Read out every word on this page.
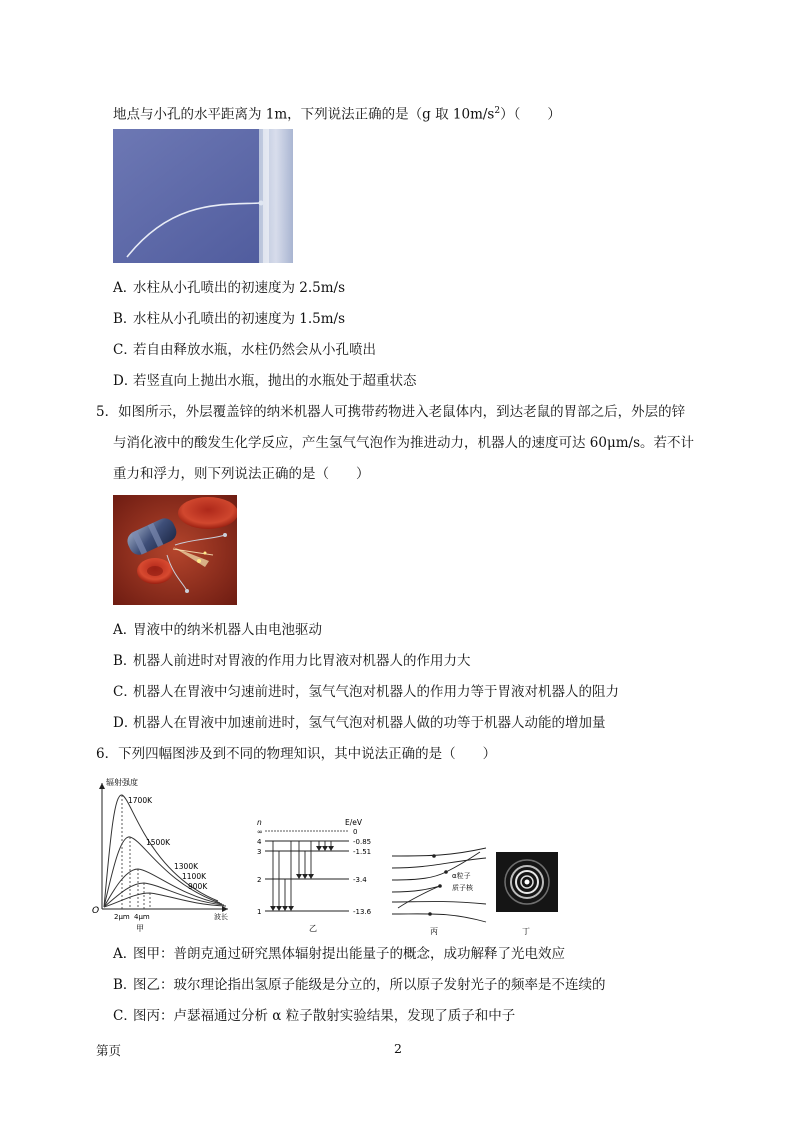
地点与小孔的水平距离为 1m，下列说法正确的是（g 取 $10m/s^2$）（　　）
A．水柱从小孔喷出的初速度为 2.5m/s
B．水柱从小孔喷出的初速度为 1.5m/s
C．若自由释放水瓶，水柱仍然会从小孔喷出
D．若竖直向上抛出水瓶，抛出的水瓶处于超重状态
5．如图所示，外层覆盖锌的纳米机器人可携带药物进入老鼠体内，到达老鼠的胃部之后，外层的锌
与消化液中的酸发生化学反应，产生氢气气泡作为推进动力，机器人的速度可达 60μm/s。若不计
重力和浮力，则下列说法正确的是（　　）
A．胃液中的纳米机器人由电池驱动
B．机器人前进时对胃液的作用力比胃液对机器人的作用力大
C．机器人在胃液中匀速前进时，氢气气泡对机器人的作用力等于胃液对机器人的阻力
D．机器人在胃液中加速前进时，氢气气泡对机器人做的功等于机器人动能的增加量
6．下列四幅图涉及到不同的物理知识，其中说法正确的是（　　）
辐射强度
1700K
1500K
1300K
1100K
900K
O
2μm 4μm	波长
甲
n	E/eV
∞
4
3
2
1
0
-0.85
-1.51
-3.4
-13.6
乙
α粒子
质子核
丙	丁
A．图甲：普朗克通过研究黑体辐射提出能量子的概念，成功解释了光电效应
B．图乙：玻尔理论指出氢原子能级是分立的，所以原子发射光子的频率是不连续的
C．图丙：卢瑟福通过分析 α 粒子散射实验结果，发现了质子和中子
第页	2
